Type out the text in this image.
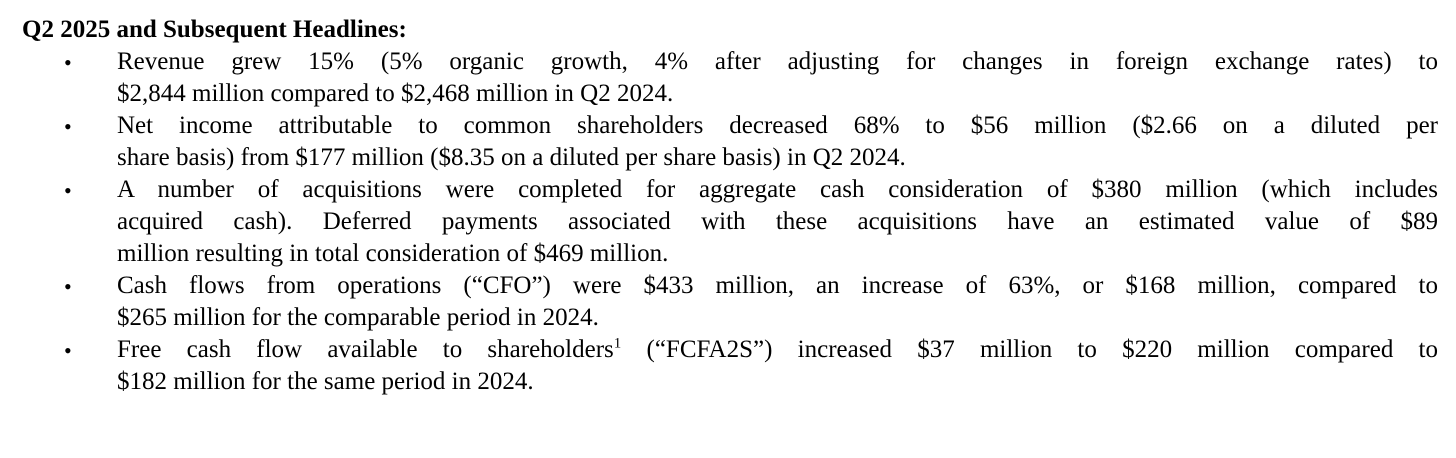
Q2 2025 and Subsequent Headlines:

•	Revenue grew 15% (5% organic growth, 4% after adjusting for changes in foreign exchange rates) to
$2,844 million compared to $2,468 million in Q2 2024.
•	Net income attributable to common shareholders decreased 68% to $56 million ($2.66 on a diluted per
share basis) from $177 million ($8.35 on a diluted per share basis) in Q2 2024.
•	A number of acquisitions were completed for aggregate cash consideration of $380 million (which includes
acquired cash). Deferred payments associated with these acquisitions have an estimated value of $89
million resulting in total consideration of $469 million.
•	Cash flows from operations (“CFO”) were $433 million, an increase of 63%, or $168 million, compared to
$265 million for the comparable period in 2024.
•	Free cash flow available to shareholders$^1$ (“FCFA2S”) increased $37 million to $220 million compared to
$182 million for the same period in 2024.
